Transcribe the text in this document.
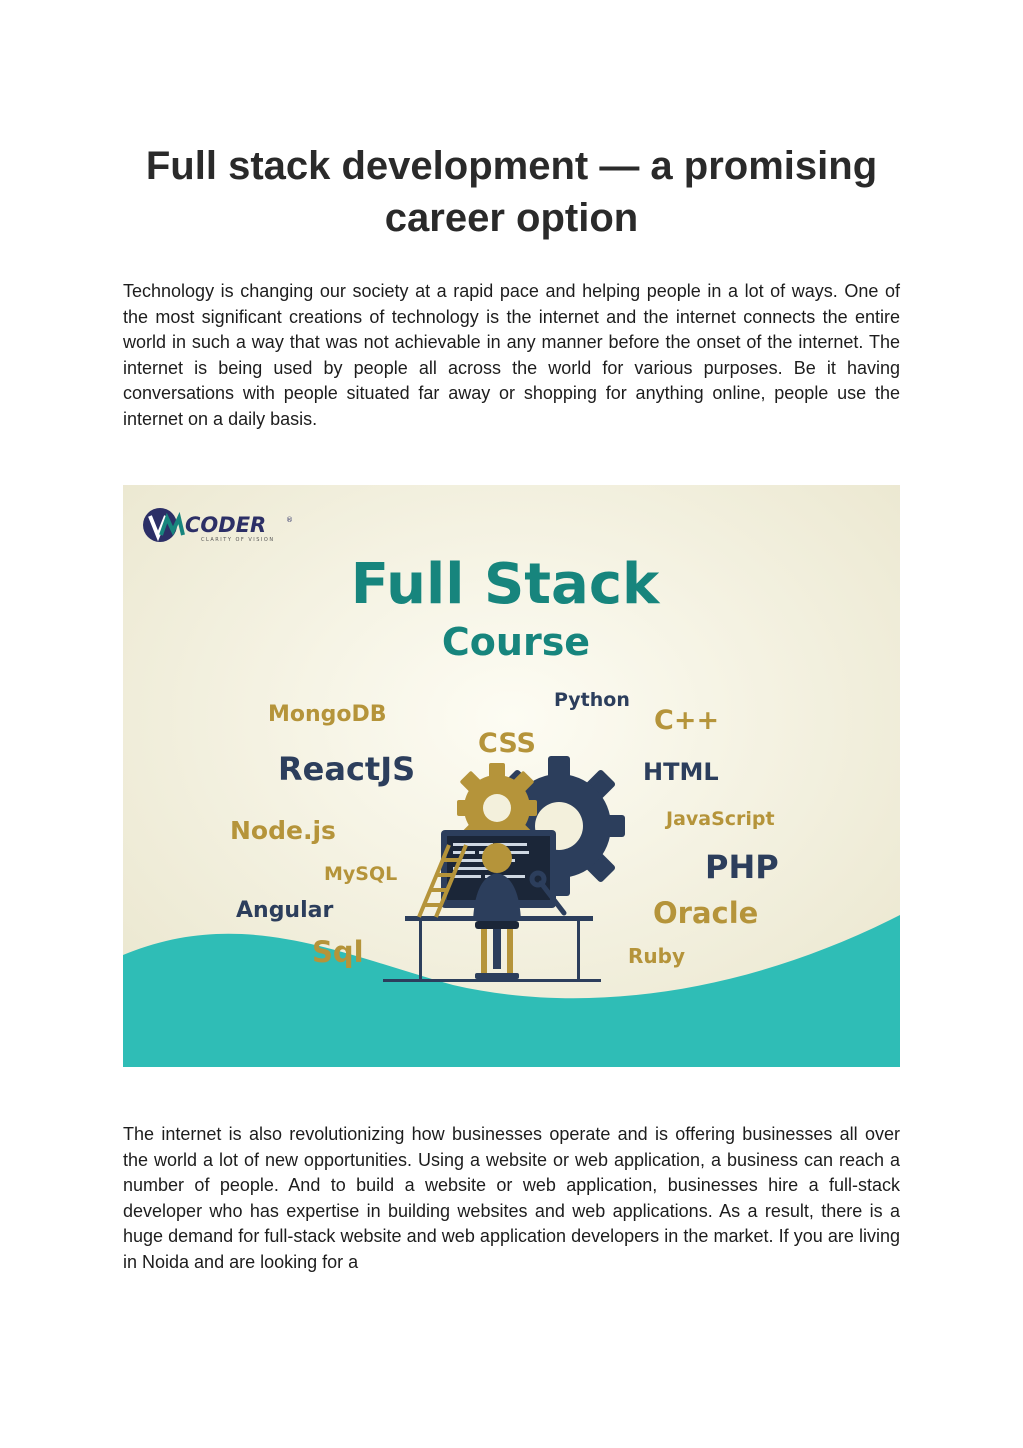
Full stack development — a promising career option

Technology is changing our society at a rapid pace and helping people in a lot of ways. One of the most significant creations of technology is the internet and the internet connects the entire world in such a way that was not achievable in any manner before the onset of the internet. The internet is being used by people all across the world for various purposes. Be it having conversations with people situated far away or shopping for anything online, people use the internet on a daily basis.

CODER	®
CLARITY OF VISION
Full Stack
Course
MongoDB
Python
C++
CSS
ReactJS	HTML
JavaScript
Node.js
PHP
MySQL
Oracle
Angular
Sql	Ruby

The internet is also revolutionizing how businesses operate and is offering businesses all over the world a lot of new opportunities. Using a website or web application, a business can reach a number of people. And to build a website or web application, businesses hire a full-stack developer who has expertise in building websites and web applications. As a result, there is a huge demand for full-stack website and web application developers in the market. If you are living in Noida and are looking for a
